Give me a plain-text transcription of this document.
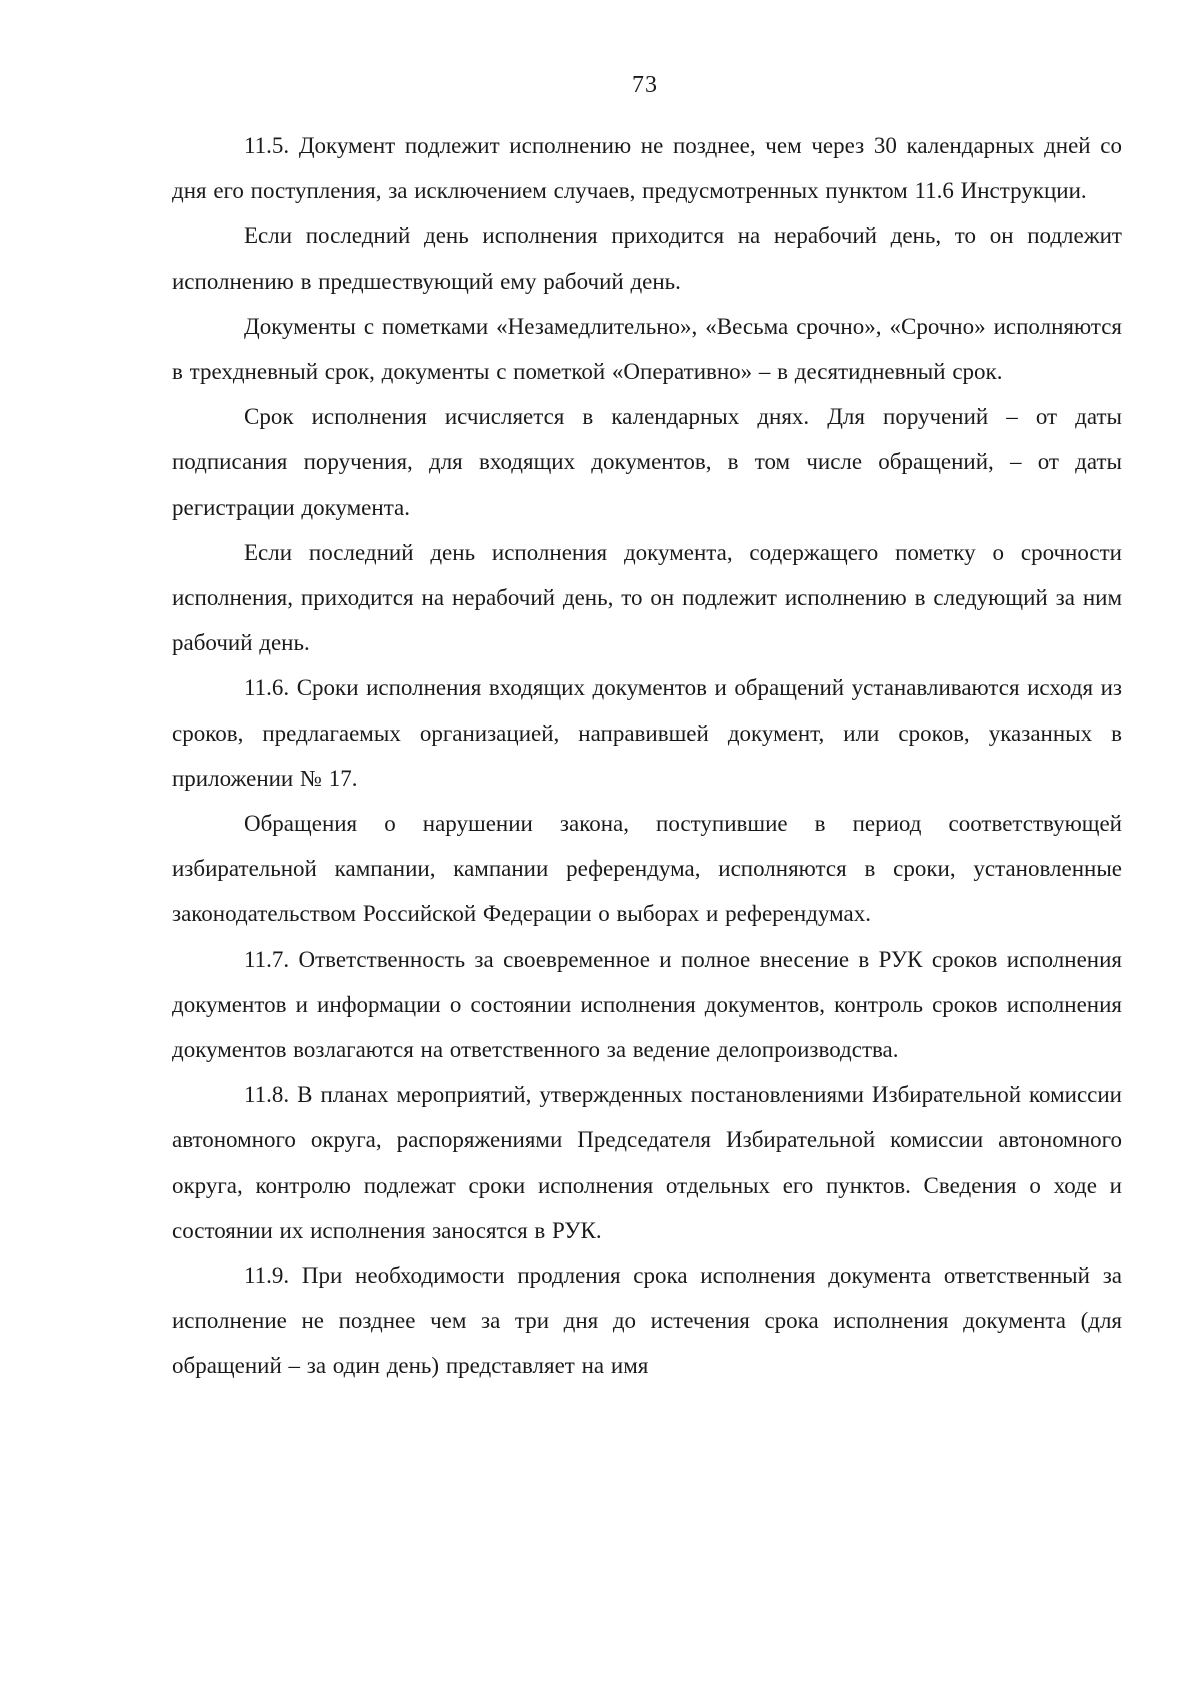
73

11.5. Документ подлежит исполнению не позднее, чем через 30 календарных дней со дня его поступления, за исключением случаев, предусмотренных пунктом 11.6 Инструкции.

Если последний день исполнения приходится на нерабочий день, то он подлежит исполнению в предшествующий ему рабочий день.

Документы с пометками «Незамедлительно», «Весьма срочно», «Срочно» исполняются в трехдневный срок, документы с пометкой «Оперативно» – в десятидневный срок.

Срок исполнения исчисляется в календарных днях. Для поручений – от даты подписания поручения, для входящих документов, в том числе обращений, – от даты регистрации документа.

Если последний день исполнения документа, содержащего пометку о срочности исполнения, приходится на нерабочий день, то он подлежит исполнению в следующий за ним рабочий день.

11.6. Сроки исполнения входящих документов и обращений устанавливаются исходя из сроков, предлагаемых организацией, направившей документ, или сроков, указанных в приложении № 17.

Обращения о нарушении закона, поступившие в период соответствующей избирательной кампании, кампании референдума, исполняются в сроки, установленные законодательством Российской Федерации о выборах и референдумах.

11.7. Ответственность за своевременное и полное внесение в РУК сроков исполнения документов и информации о состоянии исполнения документов, контроль сроков исполнения документов возлагаются на ответственного за ведение делопроизводства.

11.8. В планах мероприятий, утвержденных постановлениями Избирательной комиссии автономного округа, распоряжениями Председателя Избирательной комиссии автономного округа, контролю подлежат сроки исполнения отдельных его пунктов. Сведения о ходе и состоянии их исполнения заносятся в РУК.

11.9. При необходимости продления срока исполнения документа ответственный за исполнение не позднее чем за три дня до истечения срока исполнения документа (для обращений – за один день) представляет на имя
